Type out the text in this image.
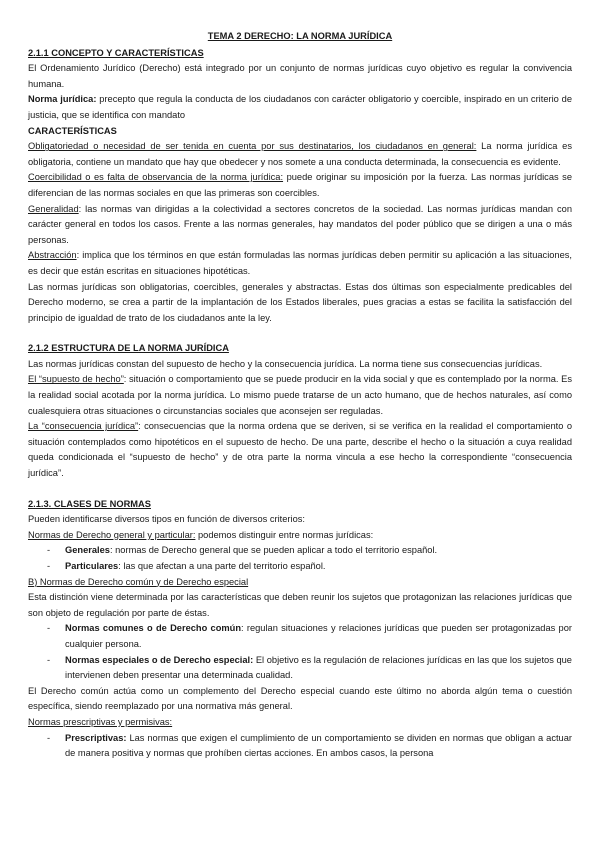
TEMA 2 DERECHO: LA NORMA JURÍDICA
2.1.1 CONCEPTO Y CARACTERÍSTICAS

El Ordenamiento Jurídico (Derecho) está integrado por un conjunto de normas jurídicas cuyo objetivo es regular la convivencia humana.

Norma jurídica: precepto que regula la conducta de los ciudadanos con carácter obligatorio y coercible, inspirado en un criterio de justicia, que se identifica con mandato

CARACTERÍSTICAS

Obligatoriedad o necesidad de ser tenida en cuenta por sus destinatarios, los ciudadanos en general: La norma jurídica es obligatoria, contiene un mandato que hay que obedecer y nos somete a una conducta determinada, la consecuencia es evidente.

Coercibilidad o es falta de observancia de la norma jurídica: puede originar su imposición por la fuerza. Las normas jurídicas se diferencian de las normas sociales en que las primeras son coercibles.

Generalidad: las normas van dirigidas a la colectividad a sectores concretos de la sociedad. Las normas jurídicas mandan con carácter general en todos los casos. Frente a las normas generales, hay mandatos del poder público que se dirigen a una o más personas.

Abstracción: implica que los términos en que están formuladas las normas jurídicas deben permitir su aplicación a las situaciones, es decir que están escritas en situaciones hipotéticas.

Las normas jurídicas son obligatorias, coercibles, generales y abstractas. Estas dos últimas son especialmente predicables del Derecho moderno, se crea a partir de la implantación de los Estados liberales, pues gracias a estas se facilita la satisfacción del principio de igualdad de trato de los ciudadanos ante la ley.

2.1.2 ESTRUCTURA DE LA NORMA JURÍDICA

Las normas jurídicas constan del supuesto de hecho y la consecuencia jurídica. La norma tiene sus consecuencias jurídicas.

El “supuesto de hecho”: situación o comportamiento que se puede producir en la vida social y que es contemplado por la norma. Es la realidad social acotada por la norma jurídica. Lo mismo puede tratarse de un acto humano, que de hechos naturales, así como cualesquiera otras situaciones o circunstancias sociales que aconsejen ser reguladas.

La “consecuencia jurídica”: consecuencias que la norma ordena que se deriven, si se verifica en la realidad el comportamiento o situación contemplados como hipotéticos en el supuesto de hecho. De una parte, describe el hecho o la situación a cuya realidad queda condicionada el “supuesto de hecho” y de otra parte la norma vincula a ese hecho la correspondiente “consecuencia jurídica”.

2.1.3. CLASES DE NORMAS

Pueden identificarse diversos tipos en función de diversos criterios:

Normas de Derecho general y particular: podemos distinguir entre normas jurídicas:

- Generales: normas de Derecho general que se pueden aplicar a todo el territorio español.
- Particulares: las que afectan a una parte del territorio español.

B) Normas de Derecho común y de Derecho especial

Esta distinción viene determinada por las características que deben reunir los sujetos que protagonizan las relaciones jurídicas que son objeto de regulación por parte de éstas.

- Normas comunes o de Derecho común: regulan situaciones y relaciones jurídicas que pueden ser protagonizadas por cualquier persona.
- Normas especiales o de Derecho especial: El objetivo es la regulación de relaciones jurídicas en las que los sujetos que intervienen deben presentar una determinada cualidad.

El Derecho común actúa como un complemento del Derecho especial cuando este último no aborda algún tema o cuestión específica, siendo reemplazado por una normativa más general.

Normas prescriptivas y permisivas:

- Prescriptivas: Las normas que exigen el cumplimiento de un comportamiento se dividen en normas que obligan a actuar de manera positiva y normas que prohíben ciertas acciones. En ambos casos, la persona
